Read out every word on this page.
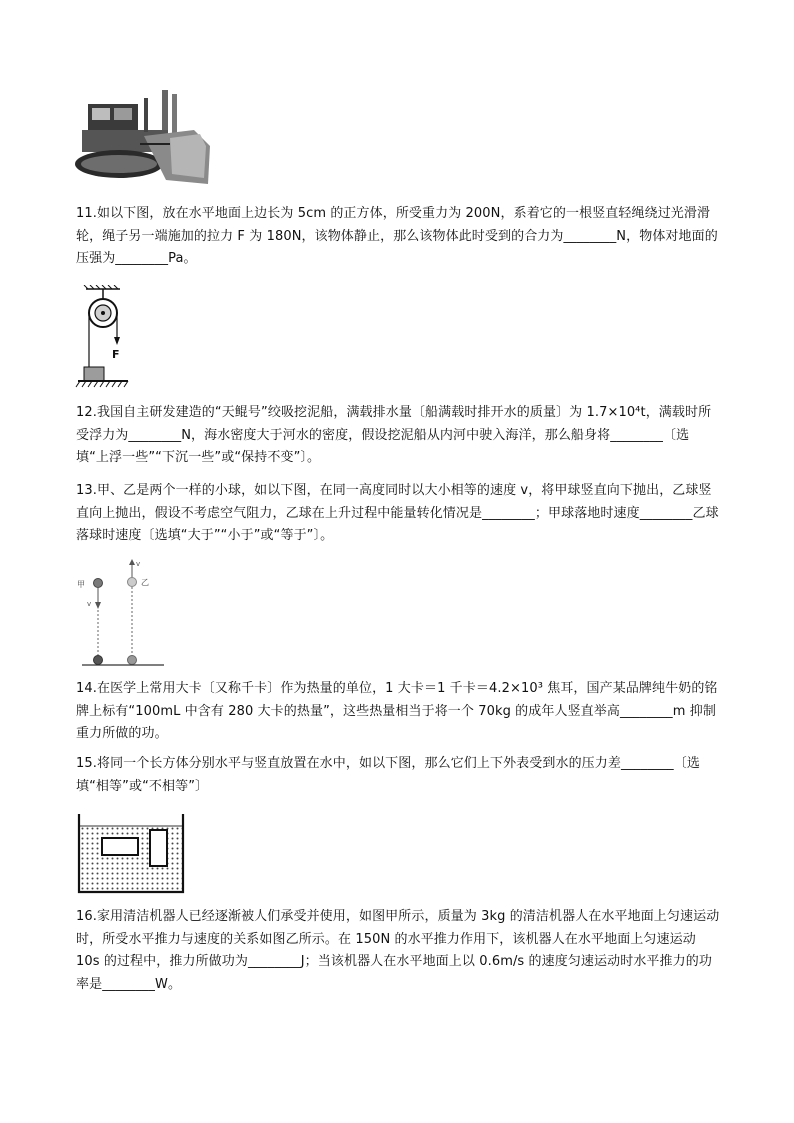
11.如以下图，放在水平地面上边长为 5cm 的正方体，所受重力为 200N，系着它的一根竖直轻绳绕过光滑滑轮，绳子另一端施加的拉力 F 为 180N，该物体静止，那么该物体此时受到的合力为________N，物体对地面的压强为________Pa。

F

12.我国自主研发建造的“天鲲号”绞吸挖泥船，满载排水量〔船满载时排开水的质量〕为 1.7×10⁴t，满载时所受浮力为________N，海水密度大于河水的密度，假设挖泥船从内河中驶入海洋，那么船身将________〔选填“上浮一些”“下沉一些”或“保持不变”〕。

13.甲、乙是两个一样的小球，如以下图，在同一高度同时以大小相等的速度 v，将甲球竖直向下抛出，乙球竖直向上抛出，假设不考虑空气阻力，乙球在上升过程中能量转化情况是________；甲球落地时速度________乙球落球时速度〔选填“大于”“小于”或“等于”〕。

v
乙
甲
v

14.在医学上常用大卡〔又称千卡〕作为热量的单位，1 大卡＝1 千卡＝4.2×10³ 焦耳，国产某品牌纯牛奶的铭牌上标有“100mL 中含有 280 大卡的热量”，这些热量相当于将一个 70kg 的成年人竖直举高________m 抑制重力所做的功。

15.将同一个长方体分别水平与竖直放置在水中，如以下图，那么它们上下外表受到水的压力差________〔选填“相等”或“不相等”〕

16.家用清洁机器人已经逐渐被人们承受并使用，如图甲所示，质量为 3kg 的清洁机器人在水平地面上匀速运动时，所受水平推力与速度的关系如图乙所示。在 150N 的水平推力作用下，该机器人在水平地面上匀速运动 10s 的过程中，推力所做功为________J；当该机器人在水平地面上以 0.6m/s 的速度匀速运动时水平推力的功率是________W。
